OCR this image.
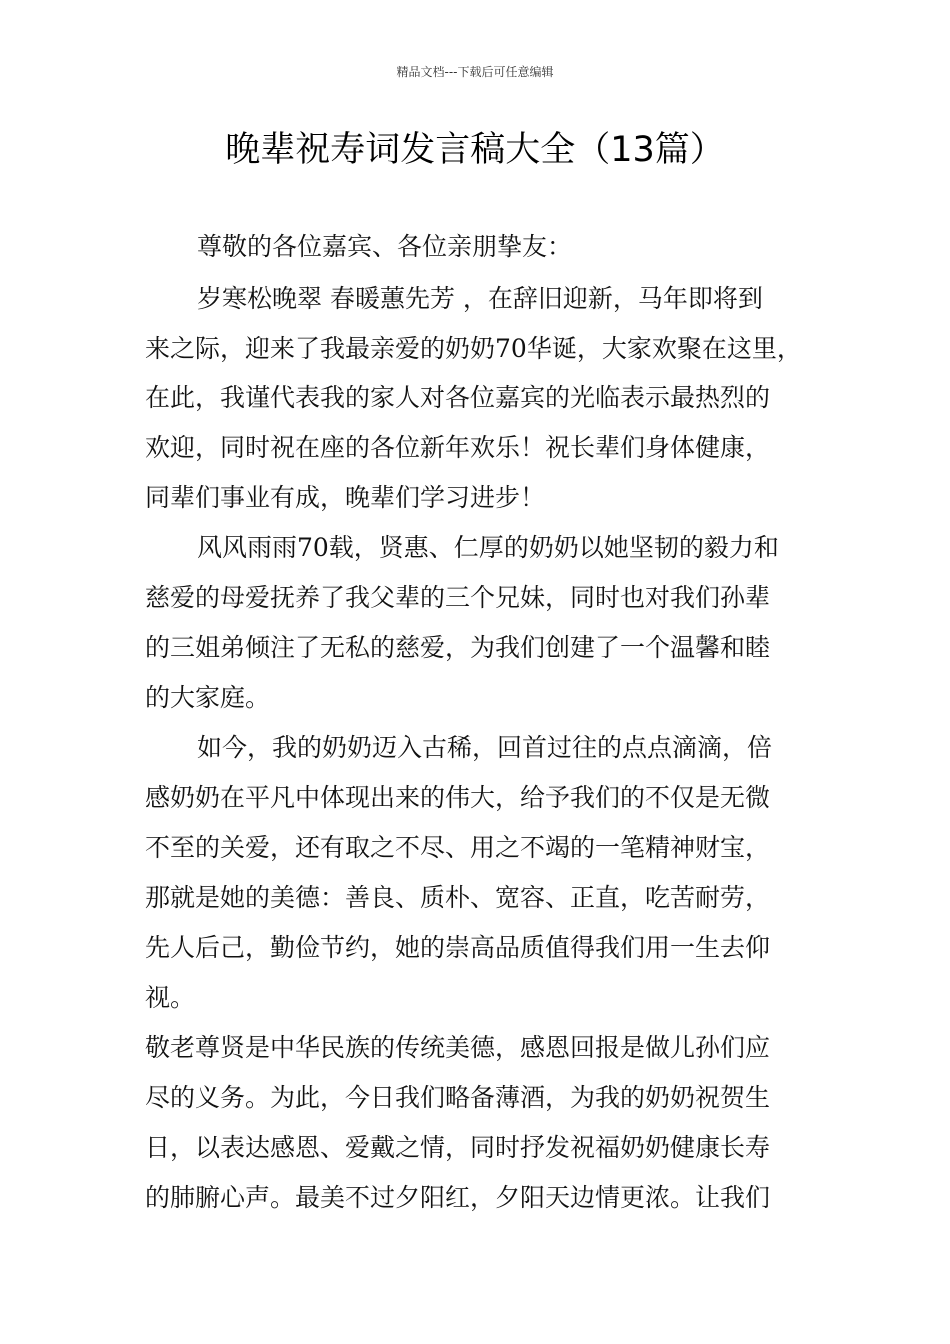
精品文档---下载后可任意编辑
晚辈祝寿词发言稿大全（13篇）
尊敬的各位嘉宾、各位亲朋挚友：
岁寒松晚翠 春暖蕙先芳 ，在辞旧迎新，马年即将到
来之际，迎来了我最亲爱的奶奶70华诞，大家欢聚在这里，
在此，我谨代表我的家人对各位嘉宾的光临表示最热烈的
欢迎，同时祝在座的各位新年欢乐！祝长辈们身体健康，
同辈们事业有成，晚辈们学习进步！
风风雨雨70载，贤惠、仁厚的奶奶以她坚韧的毅力和
慈爱的母爱抚养了我父辈的三个兄妹，同时也对我们孙辈
的三姐弟倾注了无私的慈爱，为我们创建了一个温馨和睦
的大家庭。
如今，我的奶奶迈入古稀，回首过往的点点滴滴，倍
感奶奶在平凡中体现出来的伟大，给予我们的不仅是无微
不至的关爱，还有取之不尽、用之不竭的一笔精神财宝，
那就是她的美德：善良、质朴、宽容、正直，吃苦耐劳，
先人后己，勤俭节约，她的崇高品质值得我们用一生去仰
视。
敬老尊贤是中华民族的传统美德，感恩回报是做儿孙们应
尽的义务。为此，今日我们略备薄酒，为我的奶奶祝贺生
日，以表达感恩、爱戴之情，同时抒发祝福奶奶健康长寿
的肺腑心声。最美不过夕阳红，夕阳天边情更浓。让我们
